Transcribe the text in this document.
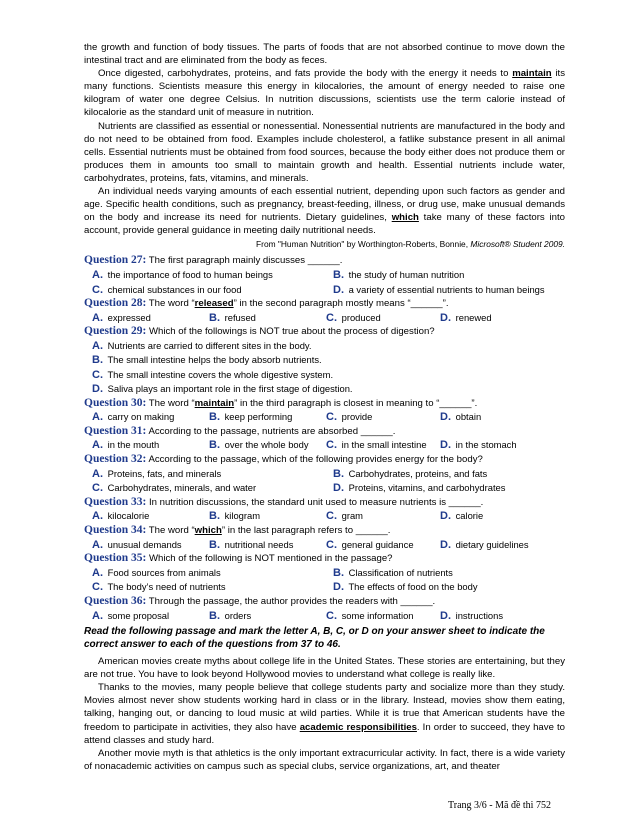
the growth and function of body tissues. The parts of foods that are not absorbed continue to move down the intestinal tract and are eliminated from the body as feces.

Once digested, carbohydrates, proteins, and fats provide the body with the energy it needs to maintain its many functions. Scientists measure this energy in kilocalories, the amount of energy needed to raise one kilogram of water one degree Celsius. In nutrition discussions, scientists use the term calorie instead of kilocalorie as the standard unit of measure in nutrition.

Nutrients are classified as essential or nonessential. Nonessential nutrients are manufactured in the body and do not need to be obtained from food. Examples include cholesterol, a fatlike substance present in all animal cells. Essential nutrients must be obtained from food sources, because the body either does not produce them or produces them in amounts too small to maintain growth and health. Essential nutrients include water, carbohydrates, proteins, fats, vitamins, and minerals.

An individual needs varying amounts of each essential nutrient, depending upon such factors as gender and age. Specific health conditions, such as pregnancy, breast-feeding, illness, or drug use, make unusual demands on the body and increase its need for nutrients. Dietary guidelines, which take many of these factors into account, provide general guidance in meeting daily nutritional needs.

From "Human Nutrition" by Worthington-Roberts, Bonnie, Microsoft® Student 2009.

Question 27: The first paragraph mainly discusses ______.
A. the importance of food to human beings	B. the study of human nutrition
C. chemical substances in our food	D. a variety of essential nutrients to human beings
Question 28: The word “released” in the second paragraph mostly means “______”.
A. expressed	B. refused	C. produced	D. renewed
Question 29: Which of the followings is NOT true about the process of digestion?
A. Nutrients are carried to different sites in the body.
B. The small intestine helps the body absorb nutrients.
C. The small intestine covers the whole digestive system.
D. Saliva plays an important role in the first stage of digestion.
Question 30: The word “maintain” in the third paragraph is closest in meaning to “______”.
A. carry on making	B. keep performing	C. provide	D. obtain
Question 31: According to the passage, nutrients are absorbed ______.
A. in the mouth	B. over the whole body	C. in the small intestine	D. in the stomach
Question 32: According to the passage, which of the following provides energy for the body?
A. Proteins, fats, and minerals	B. Carbohydrates, proteins, and fats
C. Carbohydrates, minerals, and water	D. Proteins, vitamins, and carbohydrates
Question 33: In nutrition discussions, the standard unit used to measure nutrients is ______.
A. kilocalorie	B. kilogram	C. gram	D. calorie
Question 34: The word “which” in the last paragraph refers to ______.
A. unusual demands	B. nutritional needs	C. general guidance	D. dietary guidelines
Question 35: Which of the following is NOT mentioned in the passage?
A. Food sources from animals	B. Classification of nutrients
C. The body’s need of nutrients	D. The effects of food on the body
Question 36: Through the passage, the author provides the readers with ______.
A. some proposal	B. orders	C. some information	D. instructions

Read the following passage and mark the letter A, B, C, or D on your answer sheet to indicate the correct answer to each of the questions from 37 to 46.

American movies create myths about college life in the United States. These stories are entertaining, but they are not true. You have to look beyond Hollywood movies to understand what college is really like.

Thanks to the movies, many people believe that college students party and socialize more than they study. Movies almost never show students working hard in class or in the library. Instead, movies show them eating, talking, hanging out, or dancing to loud music at wild parties. While it is true that American students have the freedom to participate in activities, they also have academic responsibilities. In order to succeed, they have to attend classes and study hard.

Another movie myth is that athletics is the only important extracurricular activity. In fact, there is a wide variety of nonacademic activities on campus such as special clubs, service organizations, art, and theater

Trang 3/6 - Mã đề thi 752
